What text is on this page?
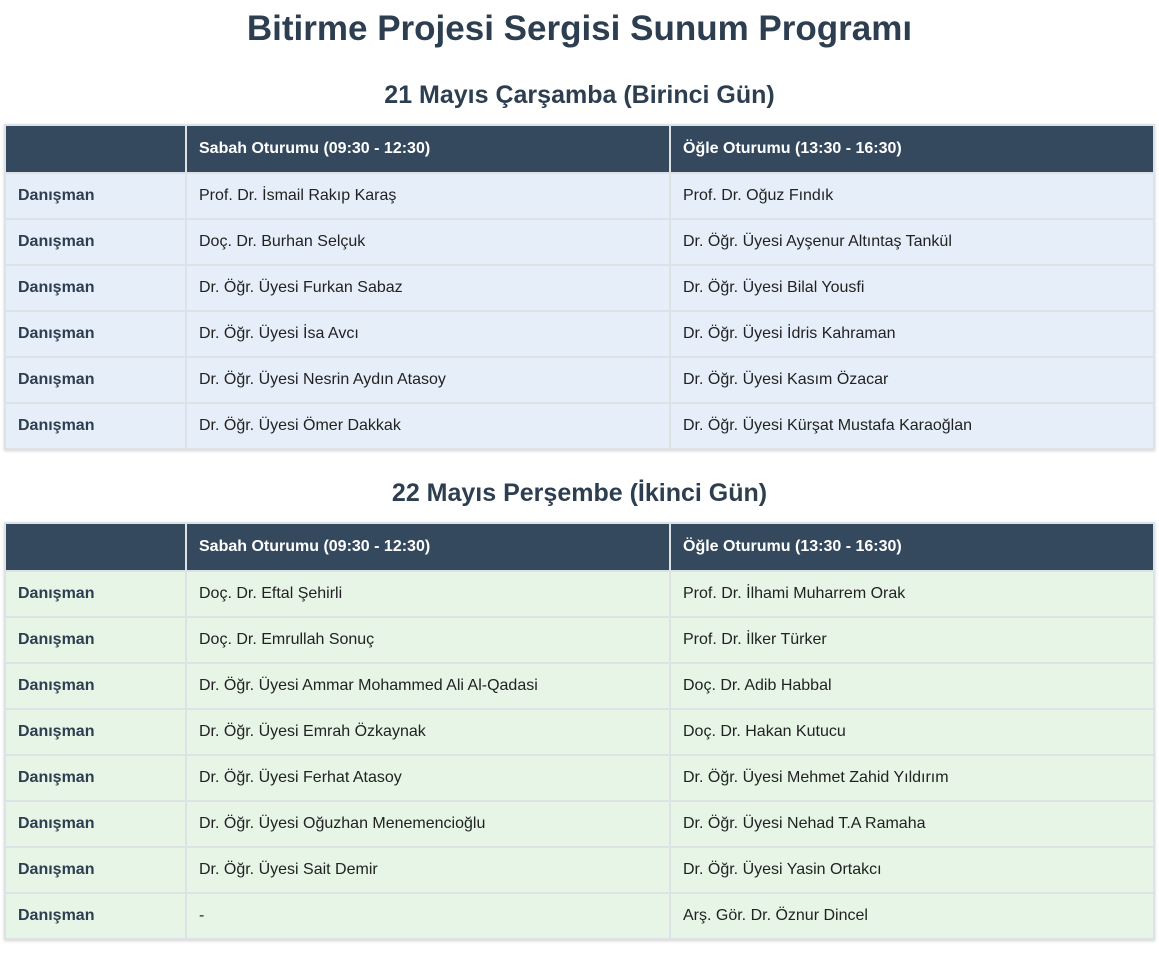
Bitirme Projesi Sergisi Sunum Programı
21 Mayıs Çarşamba (Birinci Gün)
	Sabah Oturumu (09:30 - 12:30)	Öğle Oturumu (13:30 - 16:30)
Danışman	Prof. Dr. İsmail Rakıp Karaş	Prof. Dr. Oğuz Fındık
Danışman	Doç. Dr. Burhan Selçuk	Dr. Öğr. Üyesi Ayşenur Altıntaş Tankül
Danışman	Dr. Öğr. Üyesi Furkan Sabaz	Dr. Öğr. Üyesi Bilal Yousfi
Danışman	Dr. Öğr. Üyesi İsa Avcı	Dr. Öğr. Üyesi İdris Kahraman
Danışman	Dr. Öğr. Üyesi Nesrin Aydın Atasoy	Dr. Öğr. Üyesi Kasım Özacar
Danışman	Dr. Öğr. Üyesi Ömer Dakkak	Dr. Öğr. Üyesi Kürşat Mustafa Karaoğlan
22 Mayıs Perşembe (İkinci Gün)
	Sabah Oturumu (09:30 - 12:30)	Öğle Oturumu (13:30 - 16:30)
Danışman	Doç. Dr. Eftal Şehirli	Prof. Dr. İlhami Muharrem Orak
Danışman	Doç. Dr. Emrullah Sonuç	Prof. Dr. İlker Türker
Danışman	Dr. Öğr. Üyesi Ammar Mohammed Ali Al-Qadasi	Doç. Dr. Adib Habbal
Danışman	Dr. Öğr. Üyesi Emrah Özkaynak	Doç. Dr. Hakan Kutucu
Danışman	Dr. Öğr. Üyesi Ferhat Atasoy	Dr. Öğr. Üyesi Mehmet Zahid Yıldırım
Danışman	Dr. Öğr. Üyesi Oğuzhan Menemencioğlu	Dr. Öğr. Üyesi Nehad T.A Ramaha
Danışman	Dr. Öğr. Üyesi Sait Demir	Dr. Öğr. Üyesi Yasin Ortakcı
Danışman	-	Arş. Gör. Dr. Öznur Dincel
